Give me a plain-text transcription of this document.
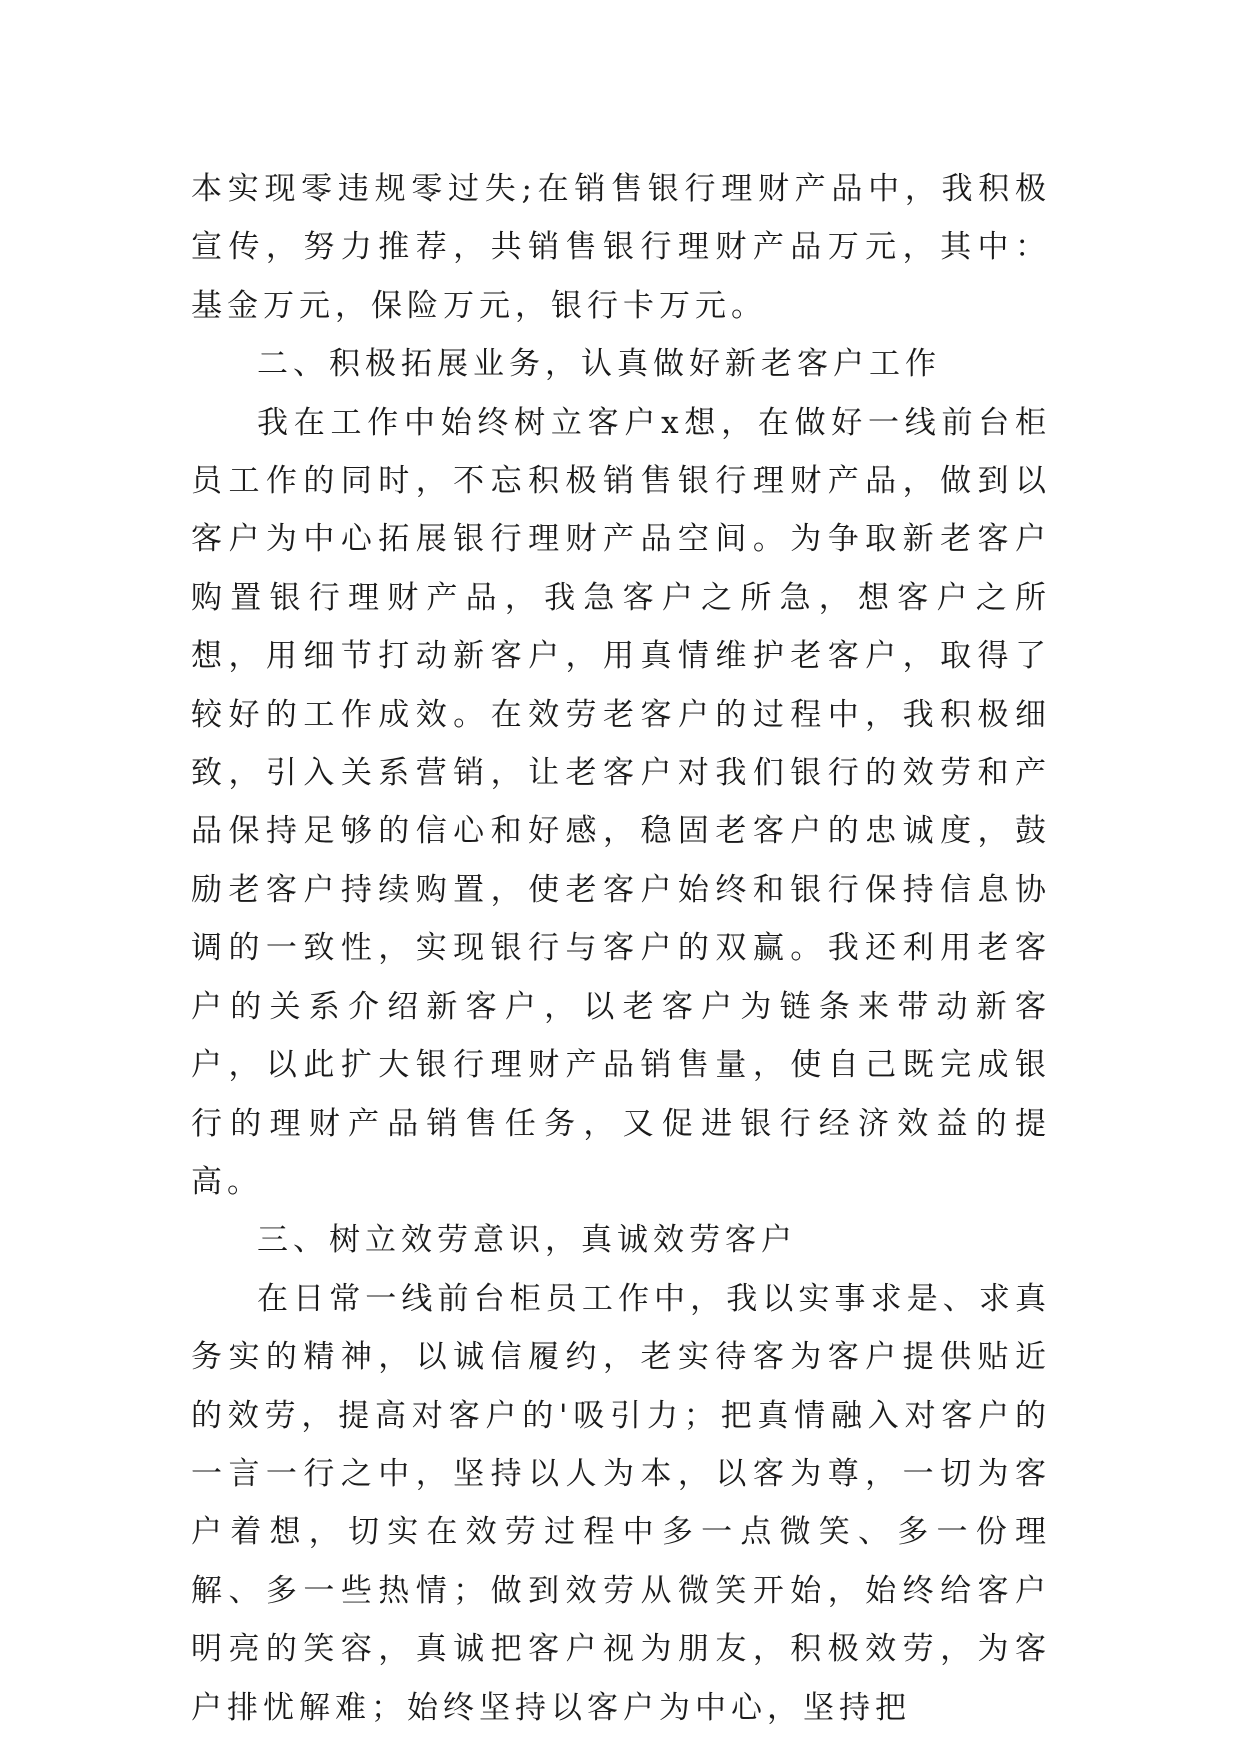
本实现零违规零过失;在销售银行理财产品中，我积极宣传，努力推荐，共销售银行理财产品万元，其中：基金万元，保险万元，银行卡万元。

二、积极拓展业务，认真做好新老客户工作

我在工作中始终树立客户x想，在做好一线前台柜员工作的同时，不忘积极销售银行理财产品，做到以客户为中心拓展银行理财产品空间。为争取新老客户购置银行理财产品，我急客户之所急，想客户之所想，用细节打动新客户，用真情维护老客户，取得了较好的工作成效。在效劳老客户的过程中，我积极细致，引入关系营销，让老客户对我们银行的效劳和产品保持足够的信心和好感，稳固老客户的忠诚度，鼓励老客户持续购置，使老客户始终和银行保持信息协调的一致性，实现银行与客户的双赢。我还利用老客户的关系介绍新客户，以老客户为链条来带动新客户，以此扩大银行理财产品销售量，使自己既完成银行的理财产品销售任务，又促进银行经济效益的提高。

三、树立效劳意识，真诚效劳客户

在日常一线前台柜员工作中，我以实事求是、求真务实的精神，以诚信履约，老实待客为客户提供贴近的效劳，提高对客户的'吸引力；把真情融入对客户的一言一行之中，坚持以人为本，以客为尊，一切为客户着想，切实在效劳过程中多一点微笑、多一份理解、多一些热情；做到效劳从微笑开始，始终给客户明亮的笑容，真诚把客户视为朋友，积极效劳，为客户排忧解难；始终坚持以客户为中心，坚持把
